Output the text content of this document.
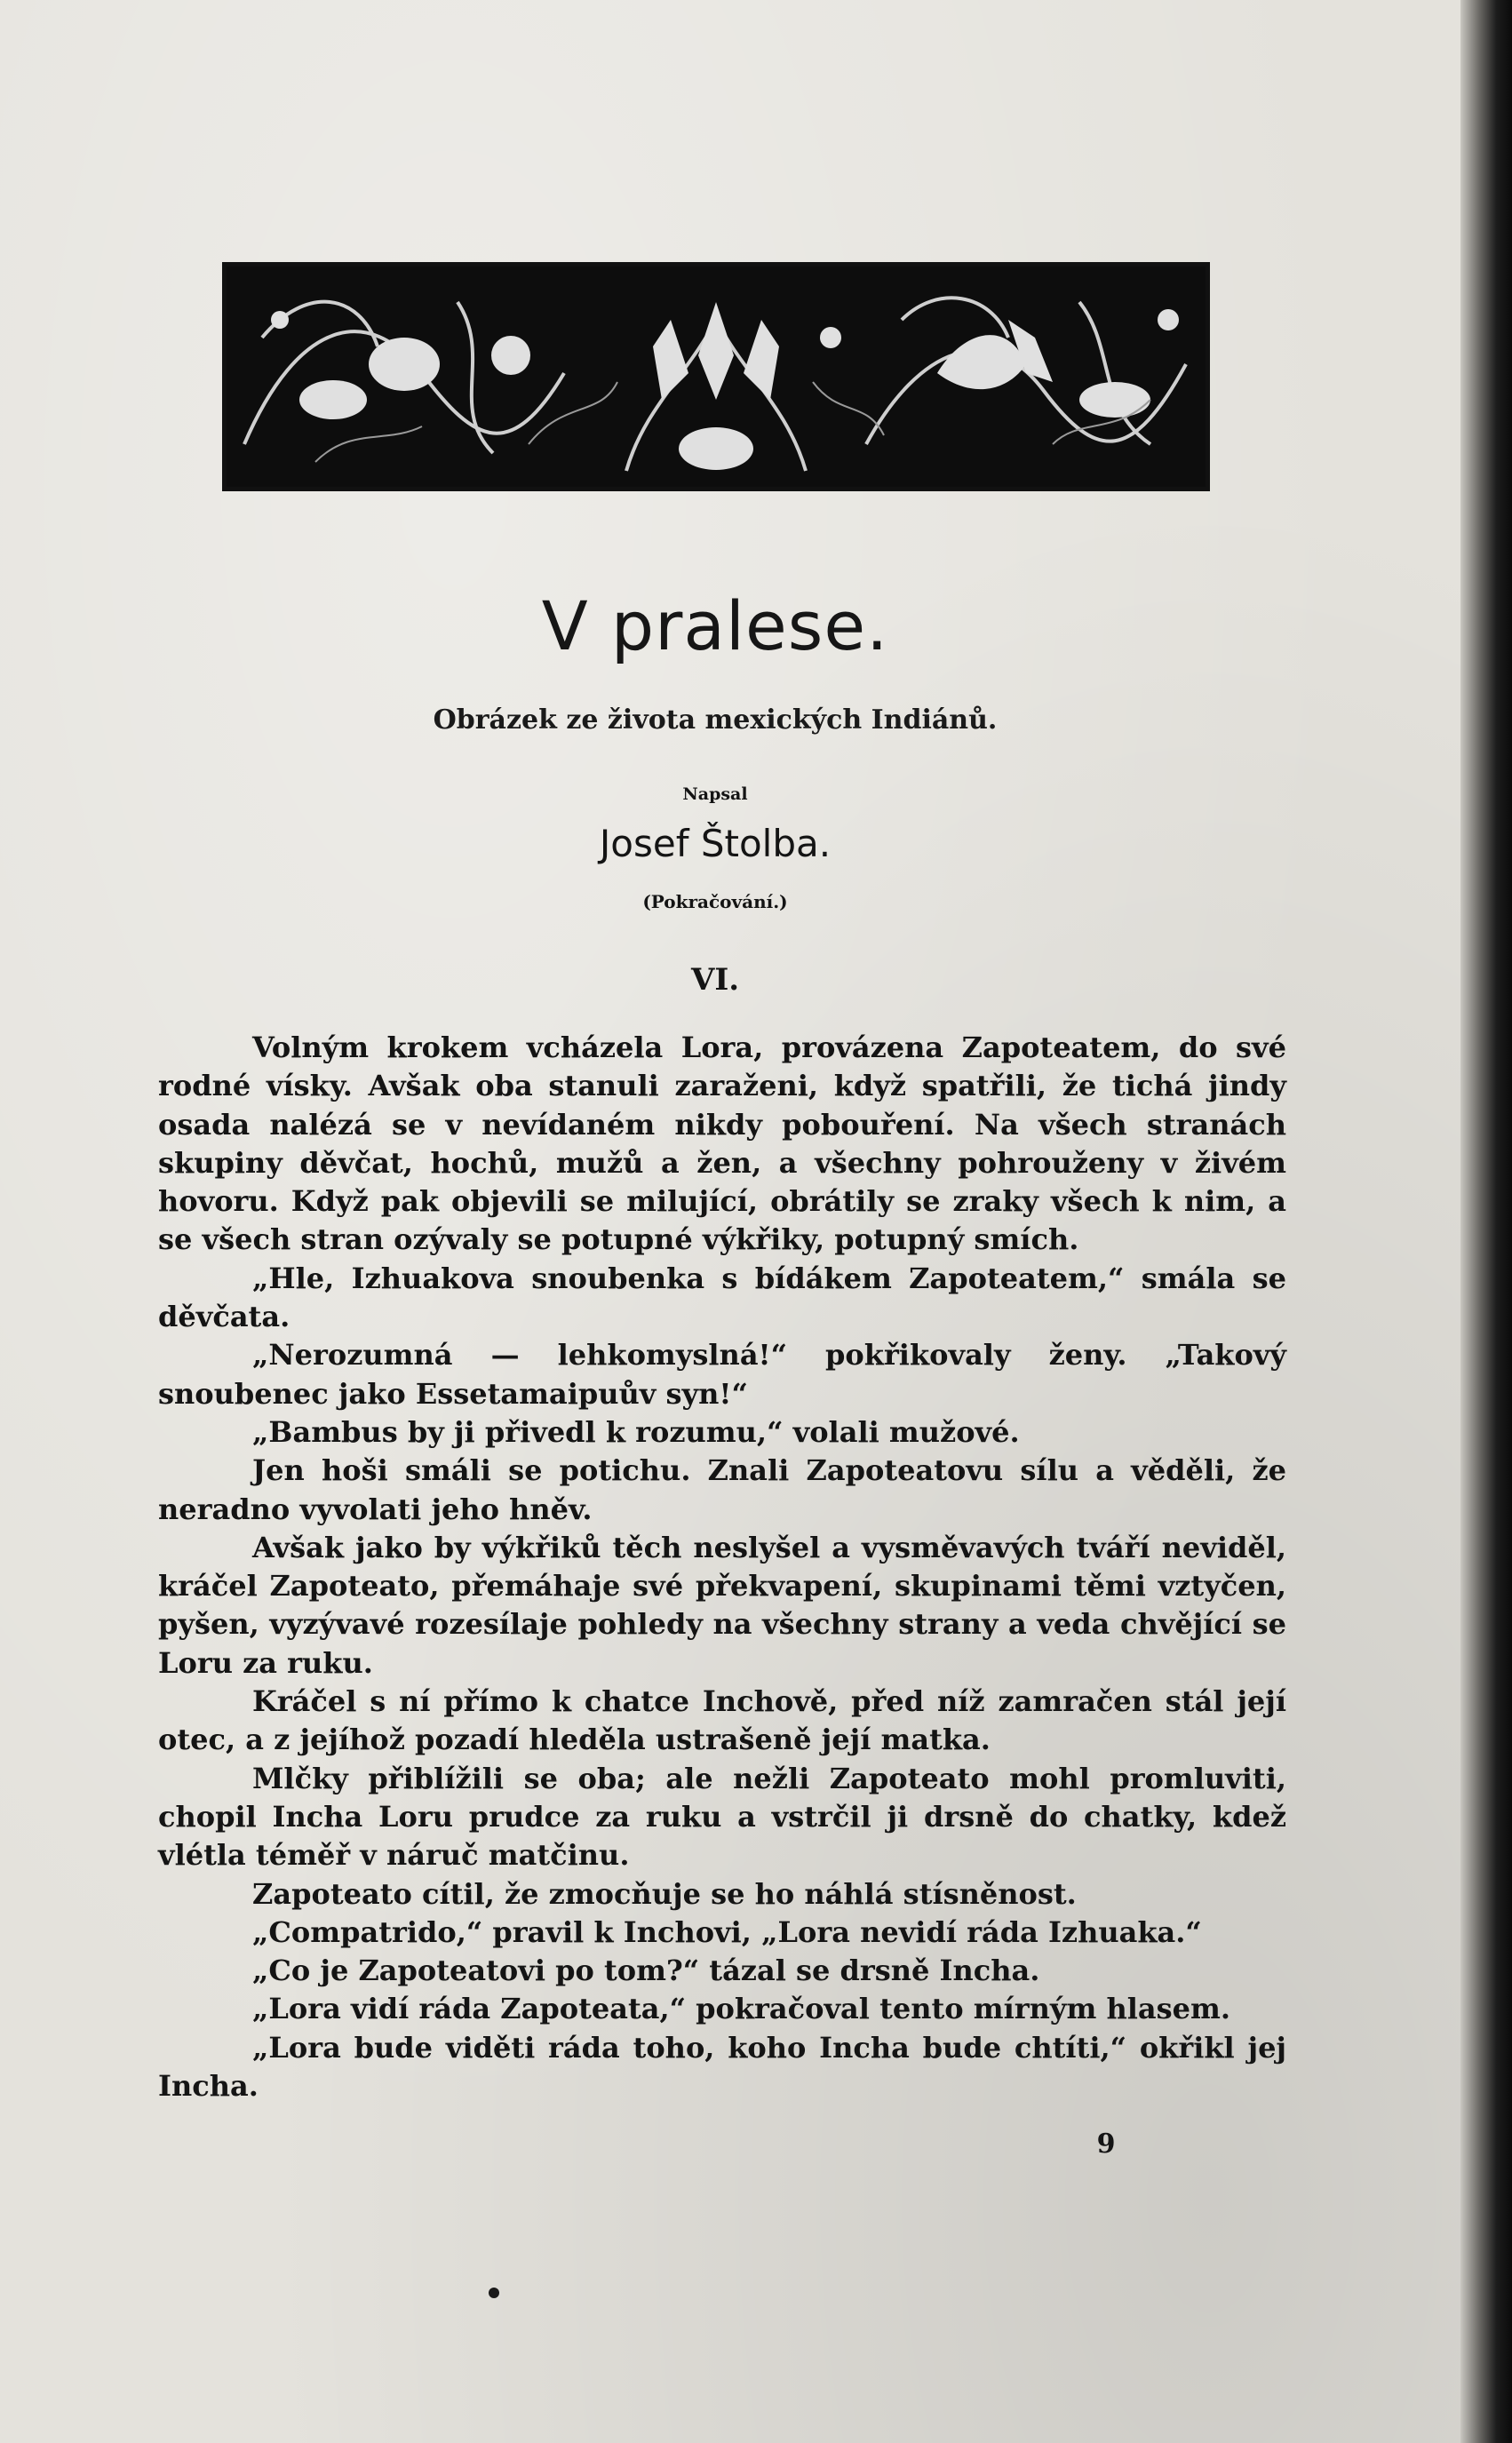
V pralese.
Obrázek ze života mexických Indiánů.
Napsal
Josef Štolba.
(Pokračování.)
VI.

Volným krokem vcházela Lora, provázena Zapoteatem, do své rodné vísky. Avšak oba stanuli zaraženi, když spatřili, že tichá jindy osada nalézá se v nevídaném nikdy pobouření. Na všech stranách skupiny děvčat, hochů, mužů a žen, a všechny pohrouženy v živém hovoru. Když pak objevili se milující, obrátily se zraky všech k nim, a se všech stran ozývaly se potupné výkřiky, potupný smích.

„Hle, Izhuakova snoubenka s bídákem Zapoteatem,“ smála se děvčata.

„Nerozumná — lehkomyslná!“ pokřikovaly ženy. „Takový snoubenec jako Essetamaipuův syn!“

„Bambus by ji přivedl k rozumu,“ volali mužové.

Jen hoši smáli se potichu. Znali Zapoteatovu sílu a věděli, že neradno vyvolati jeho hněv.

Avšak jako by výkřiků těch neslyšel a vysměvavých tváří neviděl, kráčel Zapoteato, přemáhaje své překvapení, skupinami těmi vztyčen, pyšen, vyzývavé rozesílaje pohledy na všechny strany a veda chvějící se Loru za ruku.

Kráčel s ní přímo k chatce Inchově, před níž zamračen stál její otec, a z jejíhož pozadí hleděla ustrašeně její matka.

Mlčky přiblížili se oba; ale nežli Zapoteato mohl promluviti, chopil Incha Loru prudce za ruku a vstrčil ji drsně do chatky, kdež vlétla téměř v náruč matčinu.

Zapoteato cítil, že zmocňuje se ho náhlá stísněnost.

„Compatrido,“ pravil k Inchovi, „Lora nevidí ráda Izhuaka.“

„Co je Zapoteatovi po tom?“ tázal se drsně Incha.

„Lora vidí ráda Zapoteata,“ pokračoval tento mírným hlasem.

„Lora bude viděti ráda toho, koho Incha bude chtíti,“ okřikl jej Incha.

9
